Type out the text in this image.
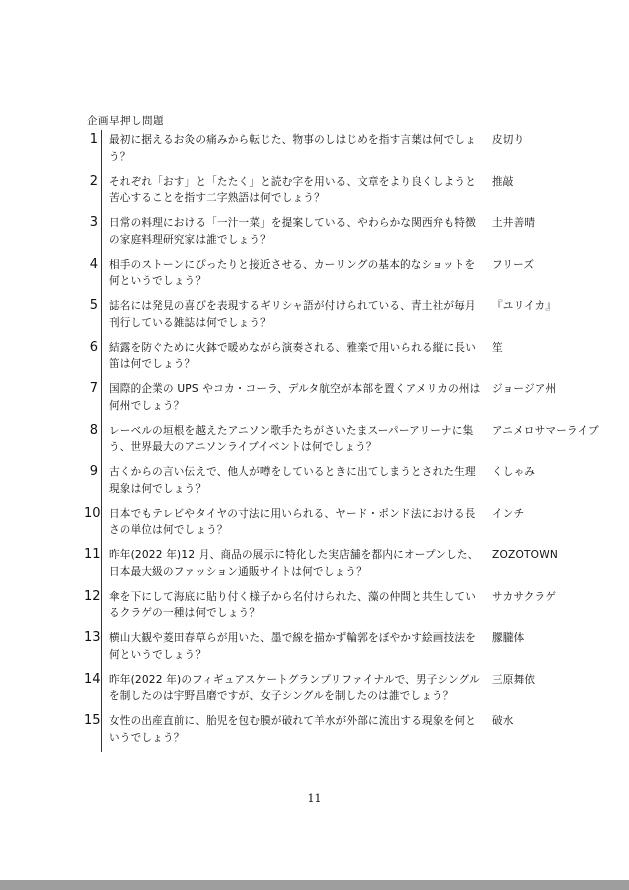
企画早押し問題
1 最初に据えるお灸の痛みから転じた、物事のしはじめを指す言葉は何でしょう？
皮切り
2 それぞれ「おす」と「たたく」と読む字を用いる、文章をより良くしようと苦心することを指す二字熟語は何でしょう？
推敲
3 日常の料理における「一汁一菜」を提案している、やわらかな関西弁も特徴の家庭料理研究家は誰でしょう？
土井善晴
4 相手のストーンにぴったりと接近させる、カーリングの基本的なショットを何というでしょう？
フリーズ
5 誌名には発見の喜びを表現するギリシャ語が付けられている、青土社が毎月刊行している雑誌は何でしょう？
『ユリイカ』
6 結露を防ぐために火鉢で暖めながら演奏される、雅楽で用いられる縦に長い笛は何でしょう？
笙
7 国際的企業の UPS やコカ・コーラ、デルタ航空が本部を置くアメリカの州は何州でしょう？
ジョージア州
8 レーベルの垣根を越えたアニソン歌手たちがさいたまスーパーアリーナに集う、世界最大のアニソンライブイベントは何でしょう？
アニメロサマーライブ
9 古くからの言い伝えで、他人が噂をしているときに出てしまうとされた生理現象は何でしょう？
くしゃみ
10 日本でもテレビやタイヤの寸法に用いられる、ヤード・ポンド法における長さの単位は何でしょう？
インチ
11 昨年(2022 年)12 月、商品の展示に特化した実店舗を都内にオープンした、日本最大級のファッション通販サイトは何でしょう？
ZOZOTOWN
12 傘を下にして海底に貼り付く様子から名付けられた、藻の仲間と共生しているクラゲの一種は何でしょう？
サカサクラゲ
13 横山大観や菱田春草らが用いた、墨で線を描かず輪郭をぼやかす絵画技法を何というでしょう？
朦朧体
14 昨年(2022 年)のフィギュアスケートグランプリファイナルで、男子シングルを制したのは宇野昌磨ですが、女子シングルを制したのは誰でしょう？
三原舞依
15 女性の出産直前に、胎児を包む膜が破れて羊水が外部に流出する現象を何というでしょう？
破水
11
